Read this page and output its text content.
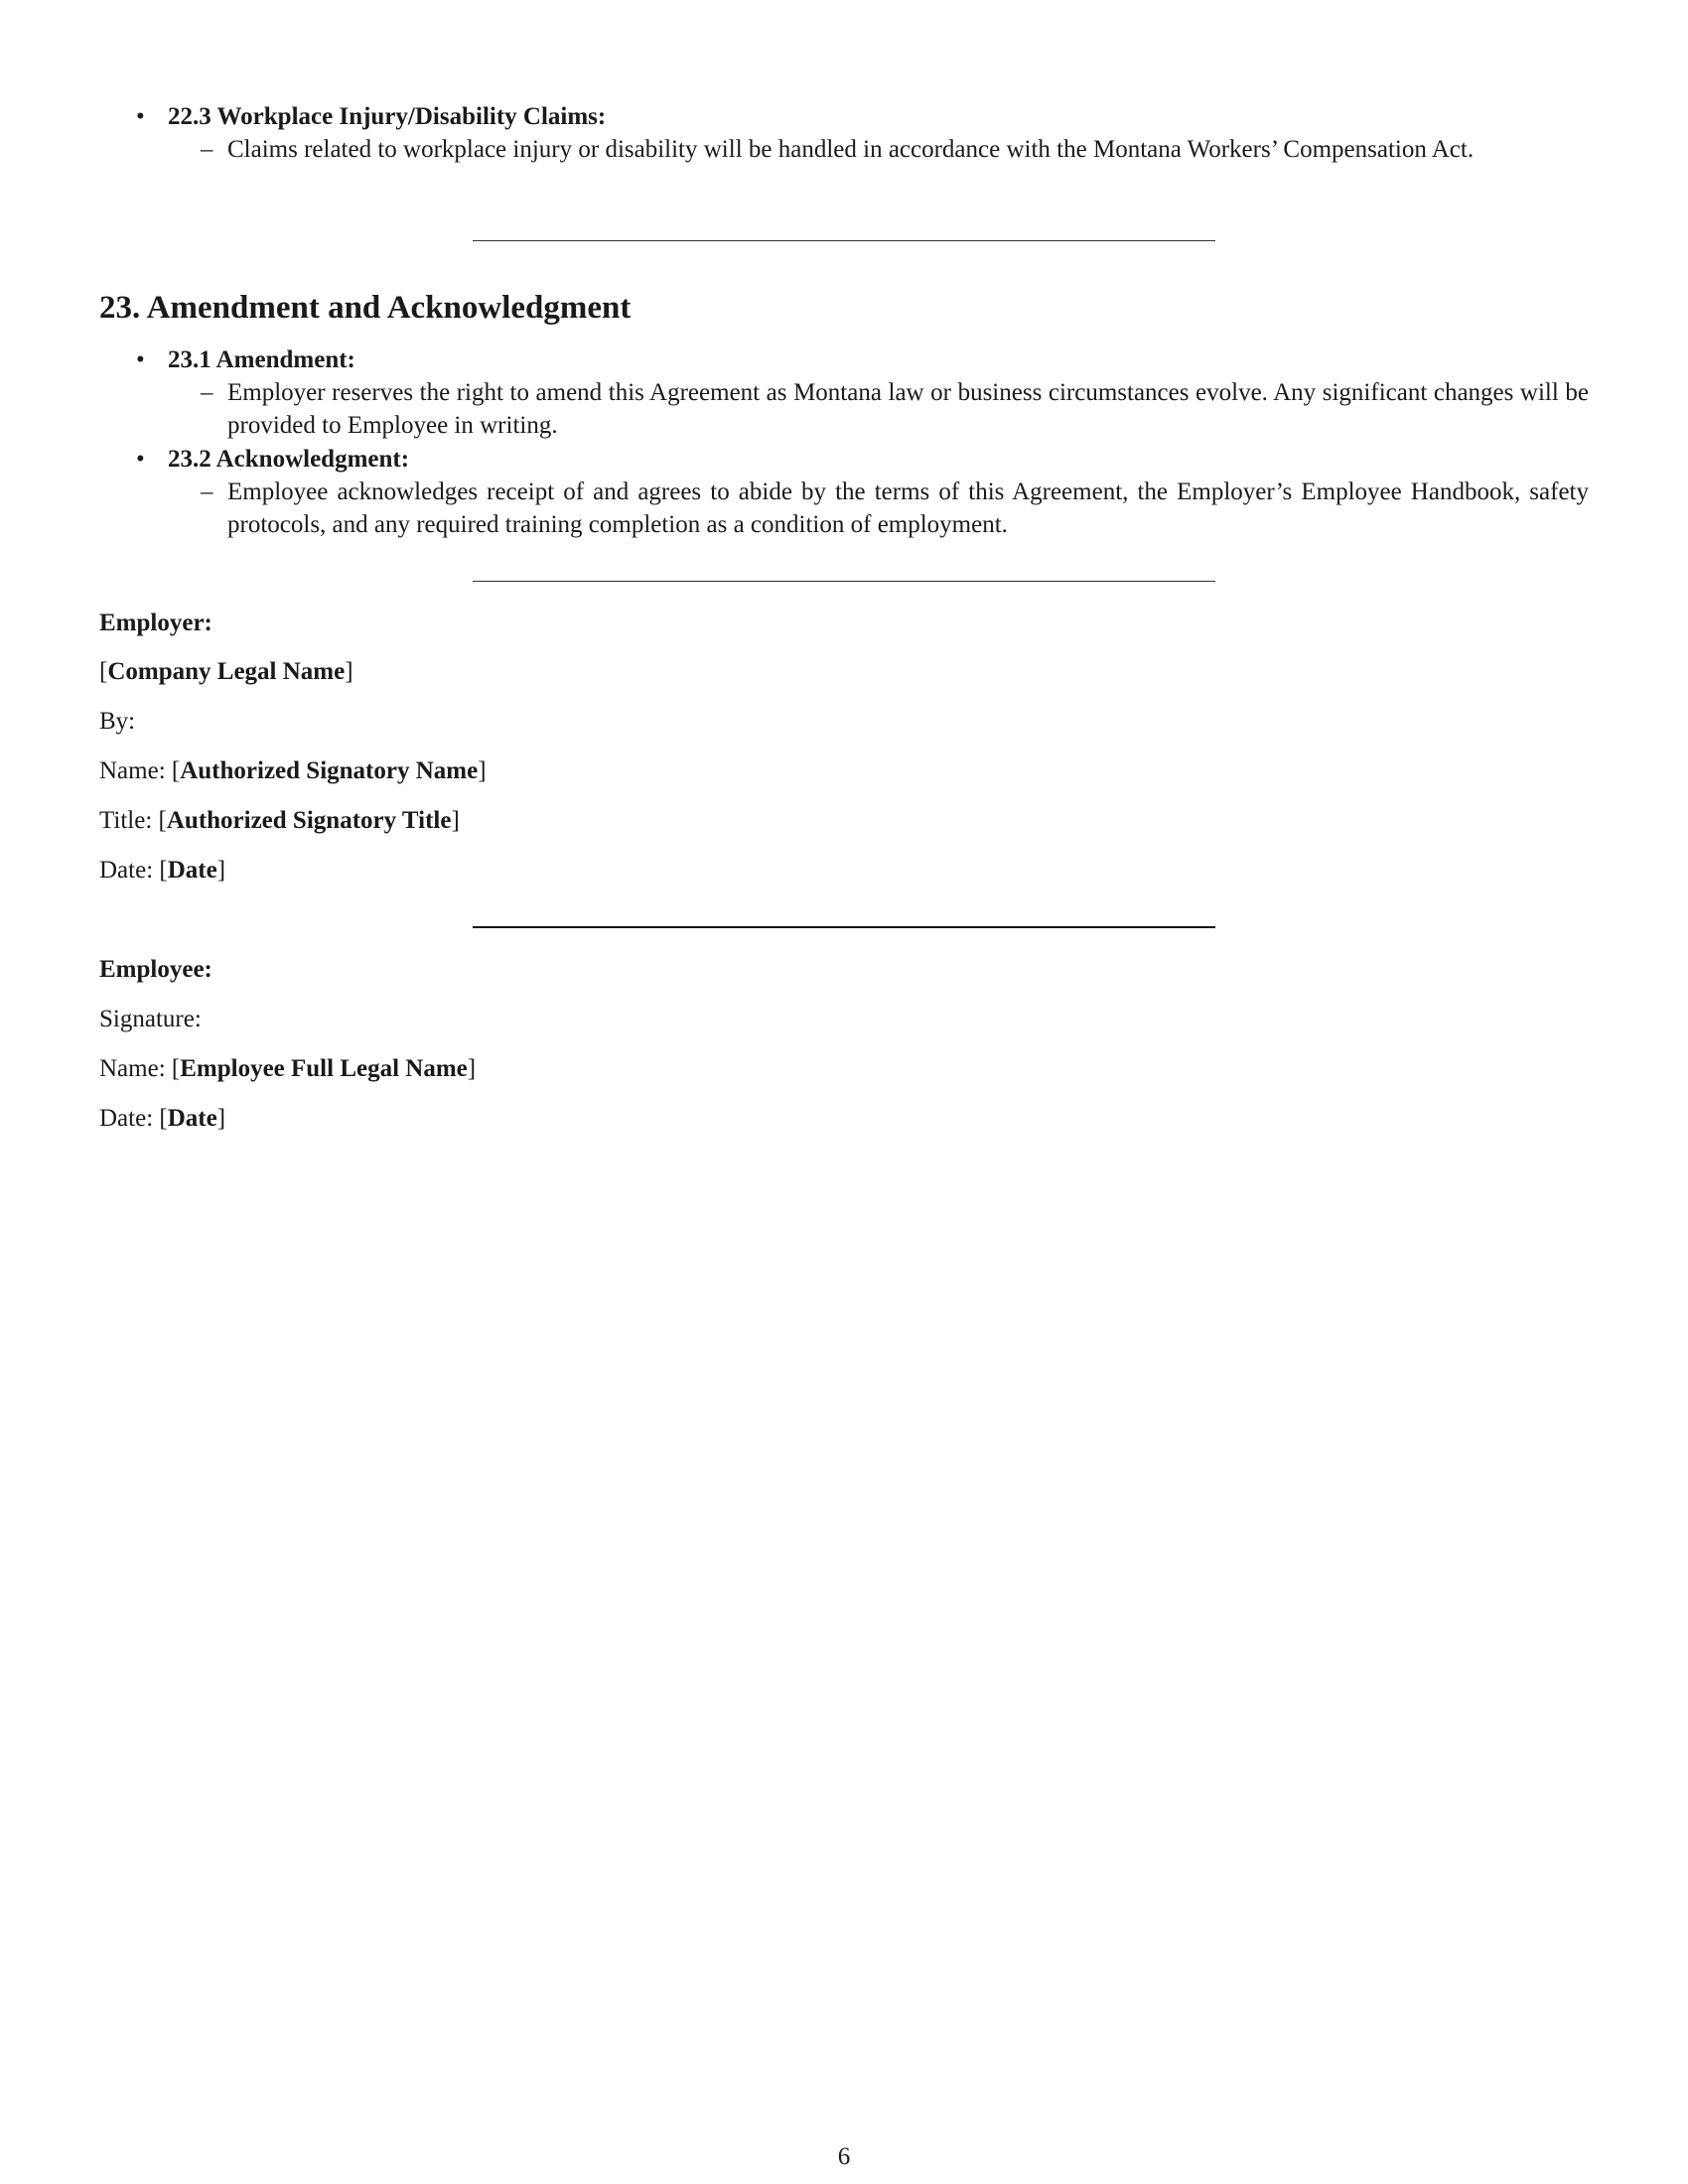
• 22.3 Workplace Injury/Disability Claims:
– Claims related to workplace injury or disability will be handled in accordance with the Montana Workers’ Compensation Act.
23. Amendment and Acknowledgment
• 23.1 Amendment:
– Employer reserves the right to amend this Agreement as Montana law or business circumstances evolve. Any significant changes will be provided to Employee in writing.
• 23.2 Acknowledgment:
– Employee acknowledges receipt of and agrees to abide by the terms of this Agreement, the Employer’s Employee Handbook, safety protocols, and any required training completion as a condition of employment.
Employer:
[Company Legal Name]
By:
Name: [Authorized Signatory Name]
Title: [Authorized Signatory Title]
Date: [Date]
Employee:
Signature:
Name: [Employee Full Legal Name]
Date: [Date]
6
